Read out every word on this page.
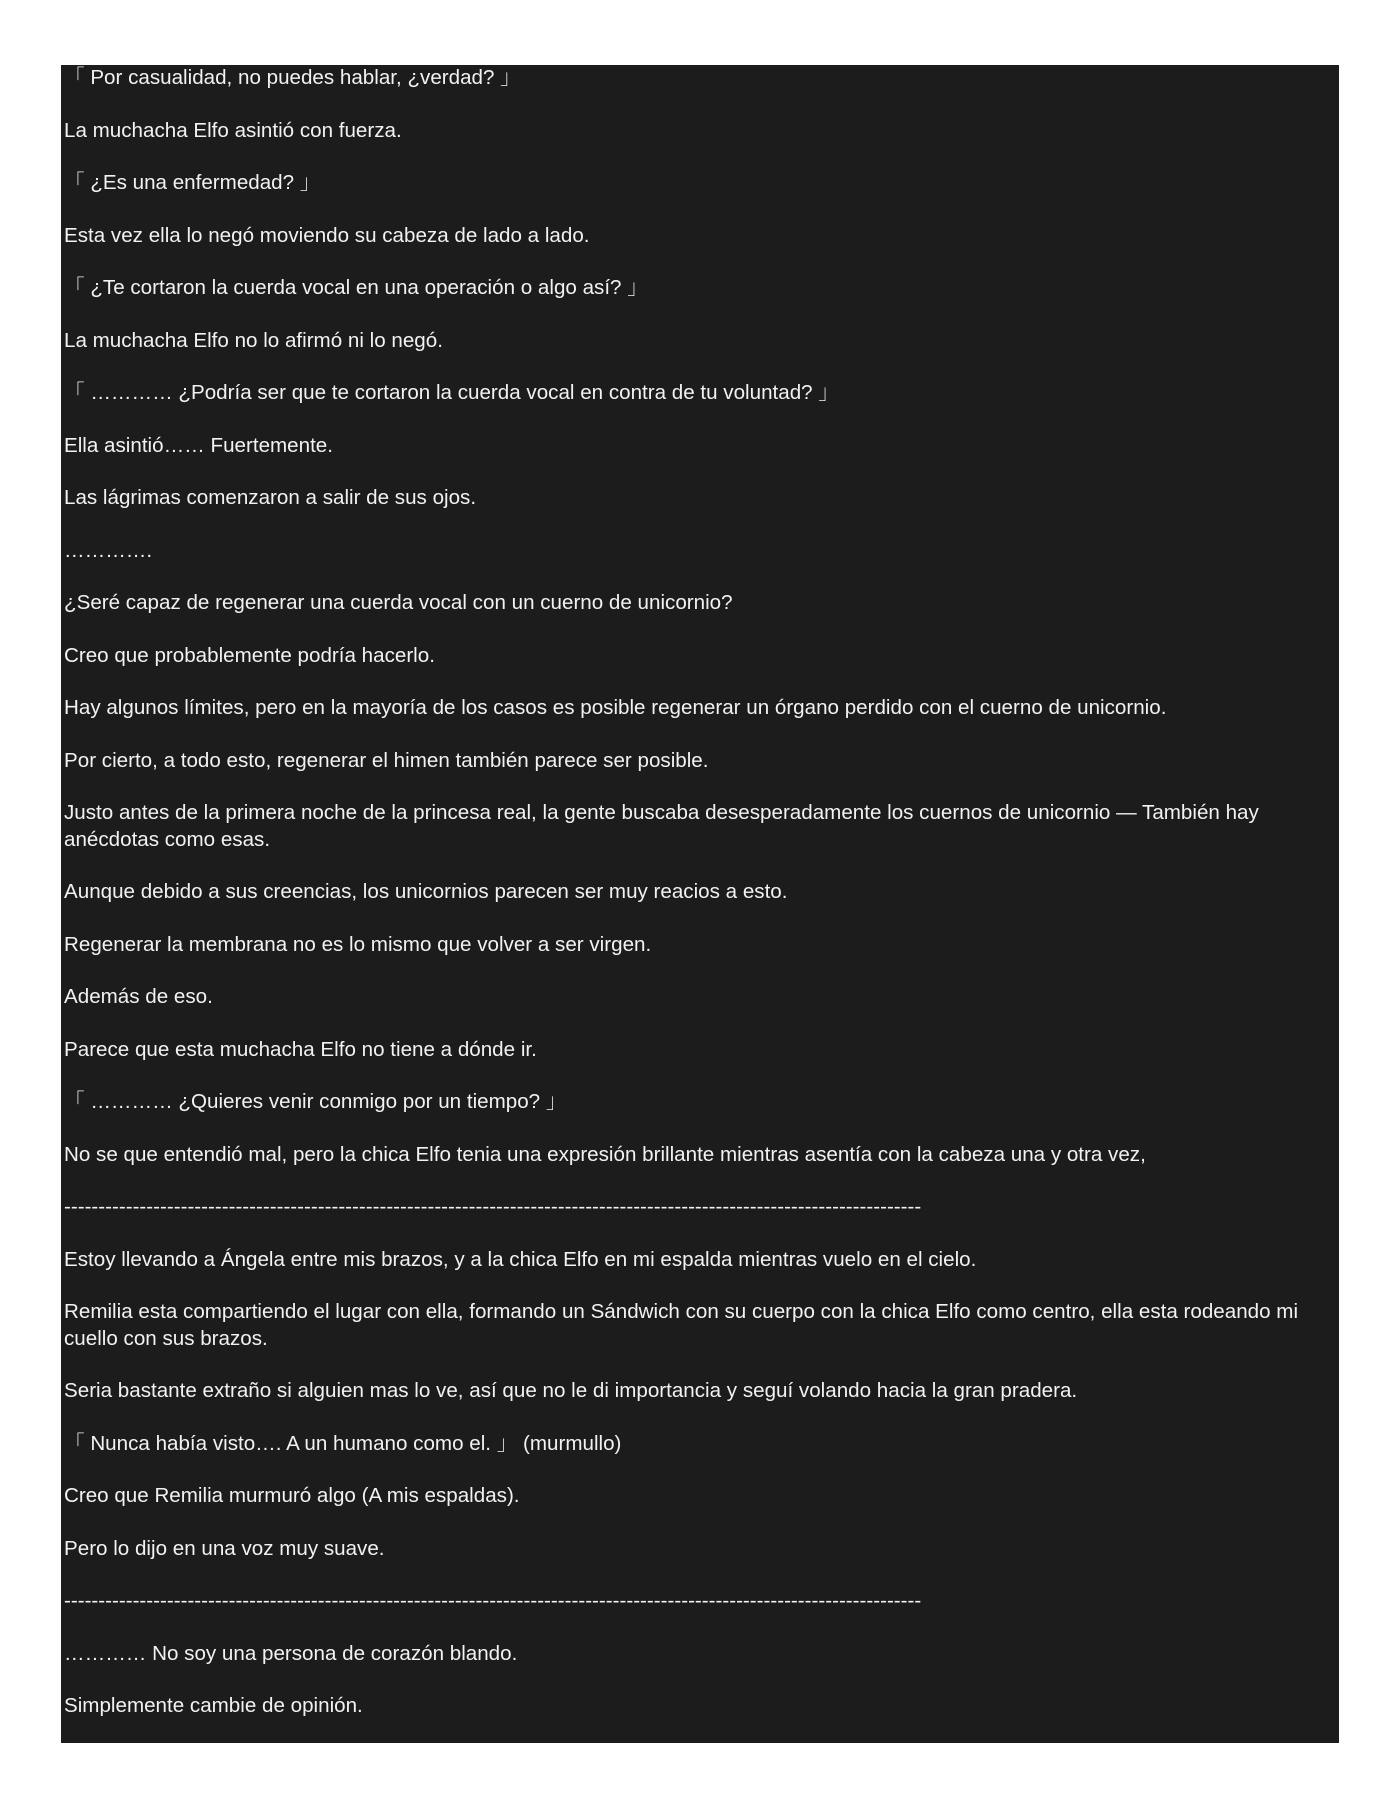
「 Por casualidad, no puedes hablar, ¿verdad? 」

La muchacha Elfo asintió con fuerza.

「 ¿Es una enfermedad? 」

Esta vez ella lo negó moviendo su cabeza de lado a lado.

「 ¿Te cortaron la cuerda vocal en una operación o algo así? 」

La muchacha Elfo no lo afirmó ni lo negó.

「 ………… ¿Podría ser que te cortaron la cuerda vocal en contra de tu voluntad? 」

Ella asintió…… Fuertemente.

Las lágrimas comenzaron a salir de sus ojos.

………….

¿Seré capaz de regenerar una cuerda vocal con un cuerno de unicornio?

Creo que probablemente podría hacerlo.

Hay algunos límites, pero en la mayoría de los casos es posible regenerar un órgano perdido con el cuerno de unicornio.

Por cierto, a todo esto, regenerar el himen también parece ser posible.

Justo antes de la primera noche de la princesa real, la gente buscaba desesperadamente los cuernos de unicornio — También hay anécdotas como esas.

Aunque debido a sus creencias, los unicornios parecen ser muy reacios a esto.

Regenerar la membrana no es lo mismo que volver a ser virgen.

Además de eso.

Parece que esta muchacha Elfo no tiene a dónde ir.

「 ………… ¿Quieres venir conmigo por un tiempo? 」

No se que entendió mal, pero la chica Elfo tenia una expresión brillante mientras asentía con la cabeza una y otra vez,

-----------------------------------------------------------------------------------------------------------------------------

Estoy llevando a Ángela entre mis brazos, y a la chica Elfo en mi espalda mientras vuelo en el cielo.

Remilia esta compartiendo el lugar con ella, formando un Sándwich con su cuerpo con la chica Elfo como centro, ella esta rodeando mi cuello con sus brazos.

Seria bastante extraño si alguien mas lo ve, así que no le di importancia y seguí volando hacia la gran pradera.

「 Nunca había visto…. A un humano como el. 」 (murmullo)

Creo que Remilia murmuró algo (A mis espaldas).

Pero lo dijo en una voz muy suave.

-----------------------------------------------------------------------------------------------------------------------------

………… No soy una persona de corazón blando.

Simplemente cambie de opinión.
